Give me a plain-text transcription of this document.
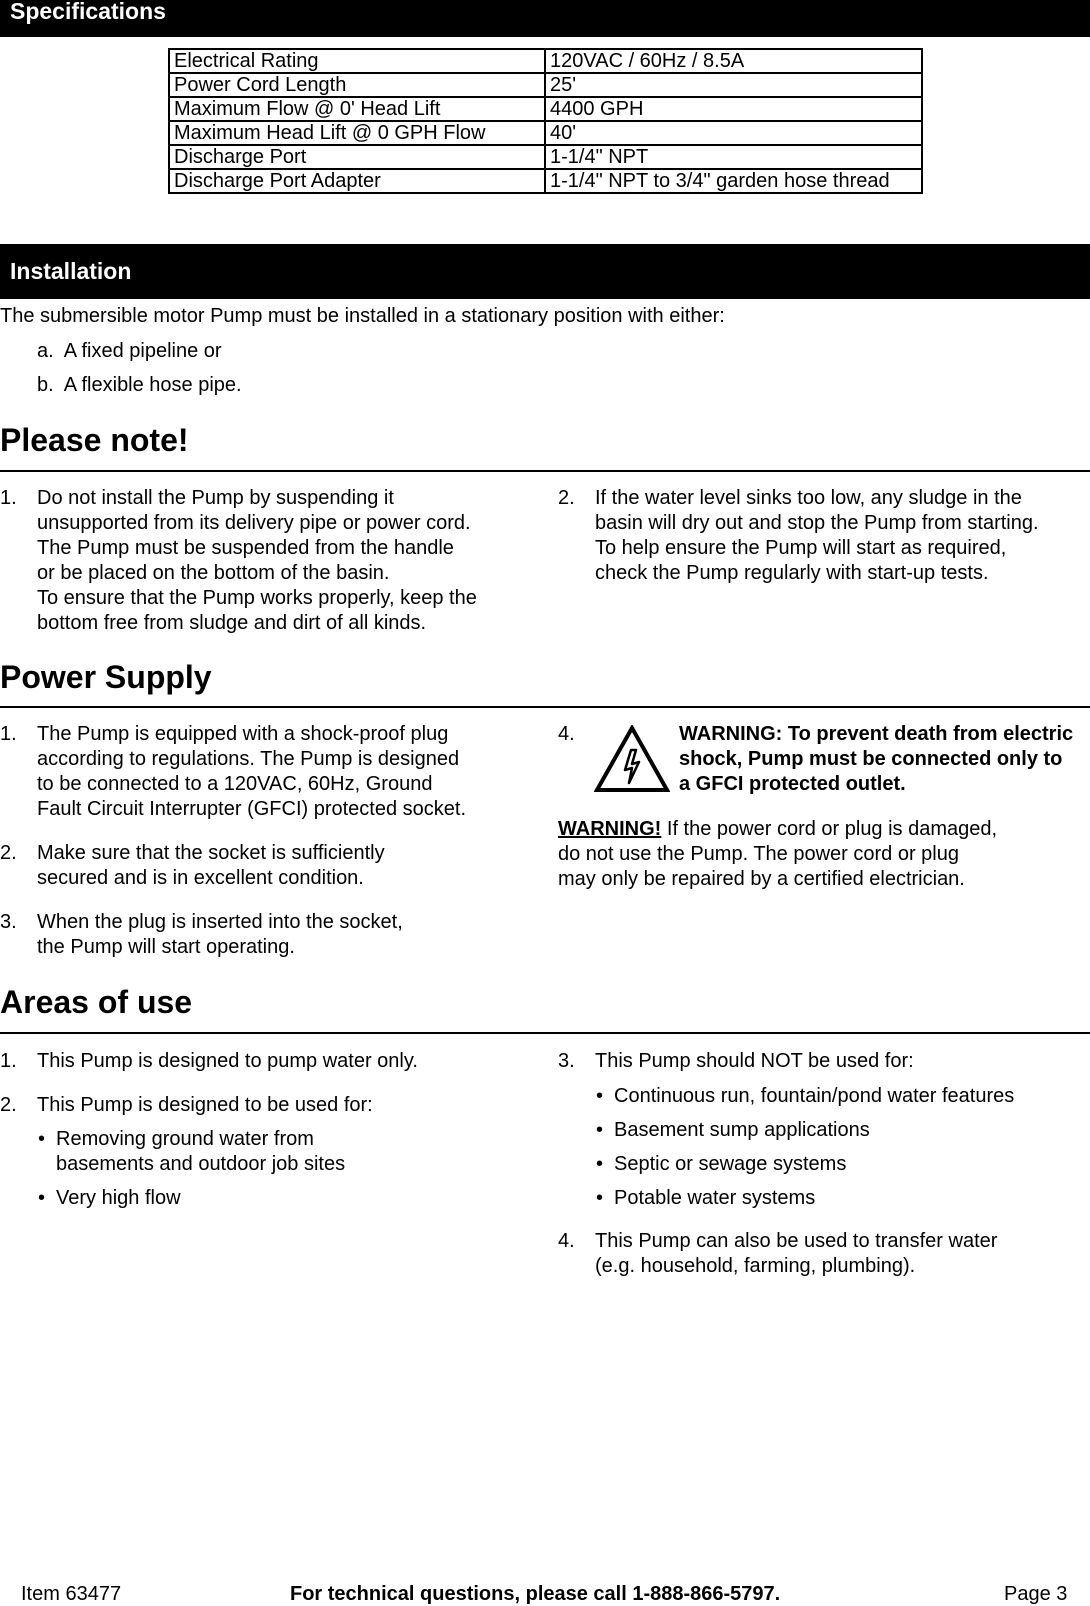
Specifications
Electrical Rating	120VAC / 60Hz / 8.5A
Power Cord Length	25'
Maximum Flow @ 0' Head Lift	4400 GPH
Maximum Head Lift @ 0 GPH Flow	40'
Discharge Port	1-1/4" NPT
Discharge Port Adapter	1-1/4" NPT to 3/4" garden hose thread
Installation
The submersible motor Pump must be installed in a stationary position with either:
a. A fixed pipeline or
b. A flexible hose pipe.
Please note!
1. Do not install the Pump by suspending it
unsupported from its delivery pipe or power cord.
The Pump must be suspended from the handle
or be placed on the bottom of the basin.
To ensure that the Pump works properly, keep the
bottom free from sludge and dirt of all kinds.
2. If the water level sinks too low, any sludge in the
basin will dry out and stop the Pump from starting.
To help ensure the Pump will start as required,
check the Pump regularly with start-up tests.
Power Supply
1. The Pump is equipped with a shock-proof plug
according to regulations. The Pump is designed
to be connected to a 120VAC, 60Hz, Ground
Fault Circuit Interrupter (GFCI) protected socket.
2. Make sure that the socket is sufficiently
secured and is in excellent condition.
3. When the plug is inserted into the socket,
the Pump will start operating.
4.	WARNING: To prevent death from electric
shock, Pump must be connected only to
a GFCI protected outlet.
WARNING! If the power cord or plug is damaged,
do not use the Pump. The power cord or plug
may only be repaired by a certified electrician.
Areas of use
1. This Pump is designed to pump water only.
2. This Pump is designed to be used for:
• Removing ground water from
basements and outdoor job sites
• Very high flow
3. This Pump should NOT be used for:
• Continuous run, fountain/pond water features
• Basement sump applications
• Septic or sewage systems
• Potable water systems
4. This Pump can also be used to transfer water
(e.g. household, farming, plumbing).
Item 63477	For technical questions, please call 1-888-866-5797.	Page 3
